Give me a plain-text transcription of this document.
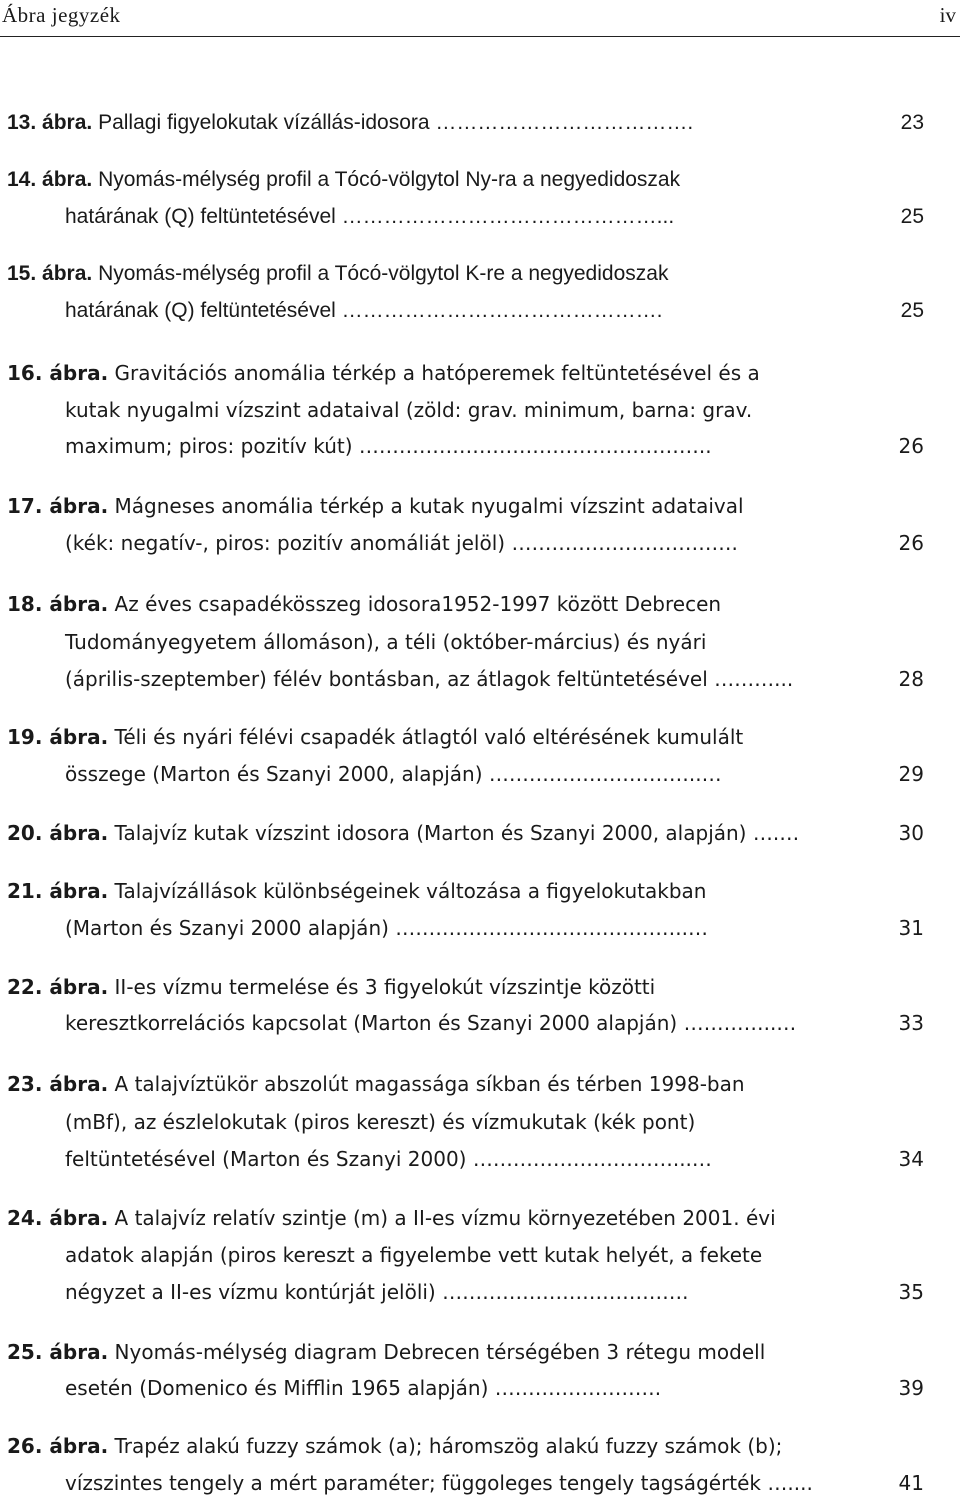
Ábra jegyzék	iv
13. ábra. Pallagi figyelokutak vízállás-idosora ……………………………….	23
14. ábra. Nyomás-mélység profil a Tócó-völgytol Ny-ra a negyedidoszak
határának (Q) feltüntetésével ………………………………………...	25
15. ábra. Nyomás-mélység profil a Tócó-völgytol K-re a negyedidoszak
határának (Q) feltüntetésével ……………………………………….	25
16. ábra. Gravitációs anomália térkép a hatóperemek feltüntetésével és a
kutak nyugalmi vízszint adataival (zöld: grav. minimum, barna: grav.
maximum; piros: pozitív kút) ……………………………………………..	26
17. ábra. Mágneses anomália térkép a kutak nyugalmi vízszint adataival
(kék: negatív-, piros: pozitív anomáliát jelöl) …………………………….	26
18. ábra. Az éves csapadékösszeg idosora1952-1997 között Debrecen
Tudományegyetem állomáson), a téli (október-március) és nyári
(április-szeptember) félév bontásban, az átlagok feltüntetésével ………...	28
19. ábra. Téli és nyári félévi csapadék átlagtól való eltérésének kumulált
összege (Marton és Szanyi 2000, alapján) …………………………..…	29
20. ábra. Talajvíz kutak vízszint idosora (Marton és Szanyi 2000, alapján) ….…	30
21. ábra. Talajvízállások különbségeinek változása a figyelokutakban
(Marton és Szanyi 2000 alapján) ……………………………………..…	31
22. ábra. II-es vízmu termelése és 3 figyelokút vízszintje közötti
keresztkorrelációs kapcsolat (Marton és Szanyi 2000 alapján) …………..…	33
23. ábra. A talajvíztükör abszolút magassága síkban és térben 1998-ban
(mBf), az észlelokutak (piros kereszt) és vízmukutak (kék pont)
feltüntetésével (Marton és Szanyi 2000) …………………………...…	34
24. ábra. A talajvíz relatív szintje (m) a II-es vízmu környezetében 2001. évi
adatok alapján (piros kereszt a figyelembe vett kutak helyét, a fekete
négyzet a II-es vízmu kontúrját jelöli) ……………………………….	35
25. ábra. Nyomás-mélység diagram Debrecen térségében 3 rétegu modell
esetén (Domenico és Mifflin 1965 alapján) …………………….	39
26. ábra. Trapéz alakú fuzzy számok (a); háromszög alakú fuzzy számok (b);
vízszintes tengely a mért paraméter; függoleges tengely tagságérték …....	41
